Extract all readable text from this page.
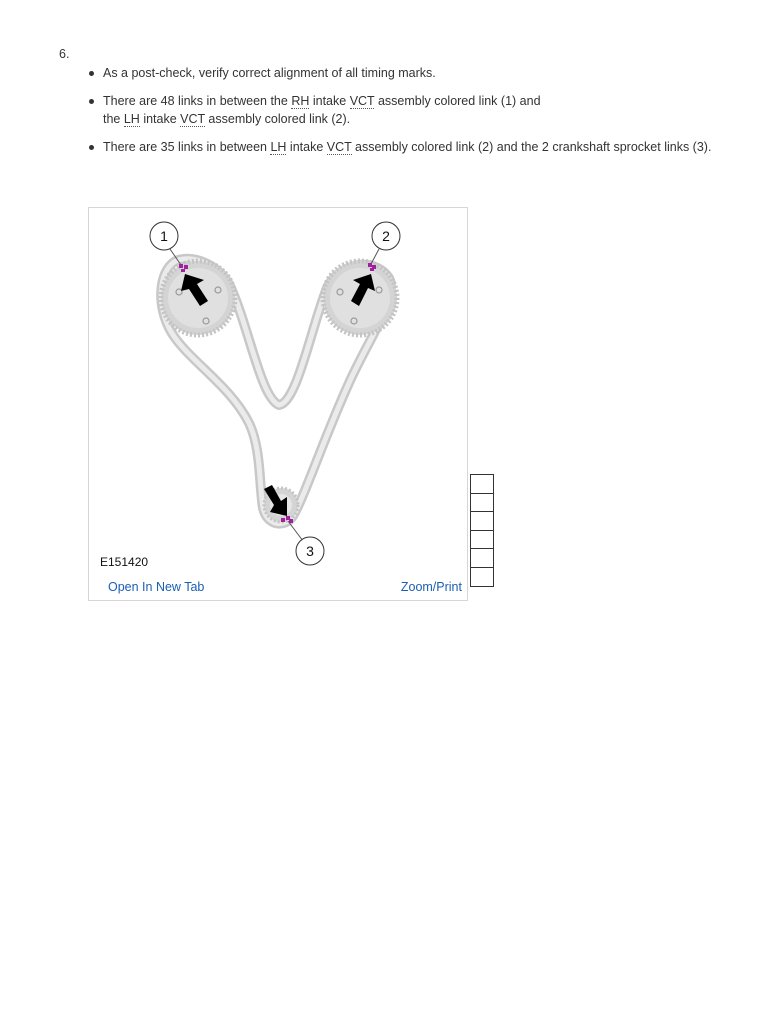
6.
As a post-check, verify correct alignment of all timing marks.
There are 48 links in between the RH intake VCT assembly colored link (1) and
the LH intake VCT assembly colored link (2).
There are 35 links in between LH intake VCT assembly colored link (2) and the 2 crankshaft sprocket links (3).
1	2
3
E151420
Open In New Tab	Zoom/Print
